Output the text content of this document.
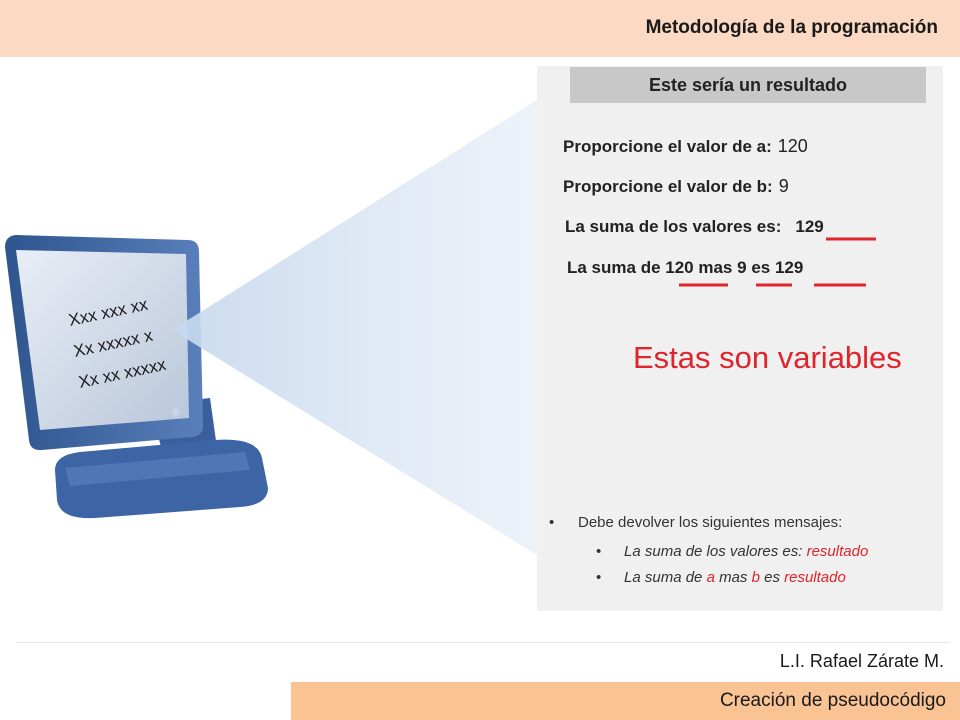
Metodología de la programación
Este sería un resultado
Xxx xxx xx
Xx xxxxx x
Xx xx xxxxx
Proporcione el valor de a: 120
Proporcione el valor de b: 9
La suma de los valores es: 129
La suma de 120 mas 9 es 129
Estas son variables
• Debe devolver los siguientes mensajes:
• La suma de los valores es: resultado
• La suma de a mas b es resultado
L.I. Rafael Zárate M.
Creación de pseudocódigo
